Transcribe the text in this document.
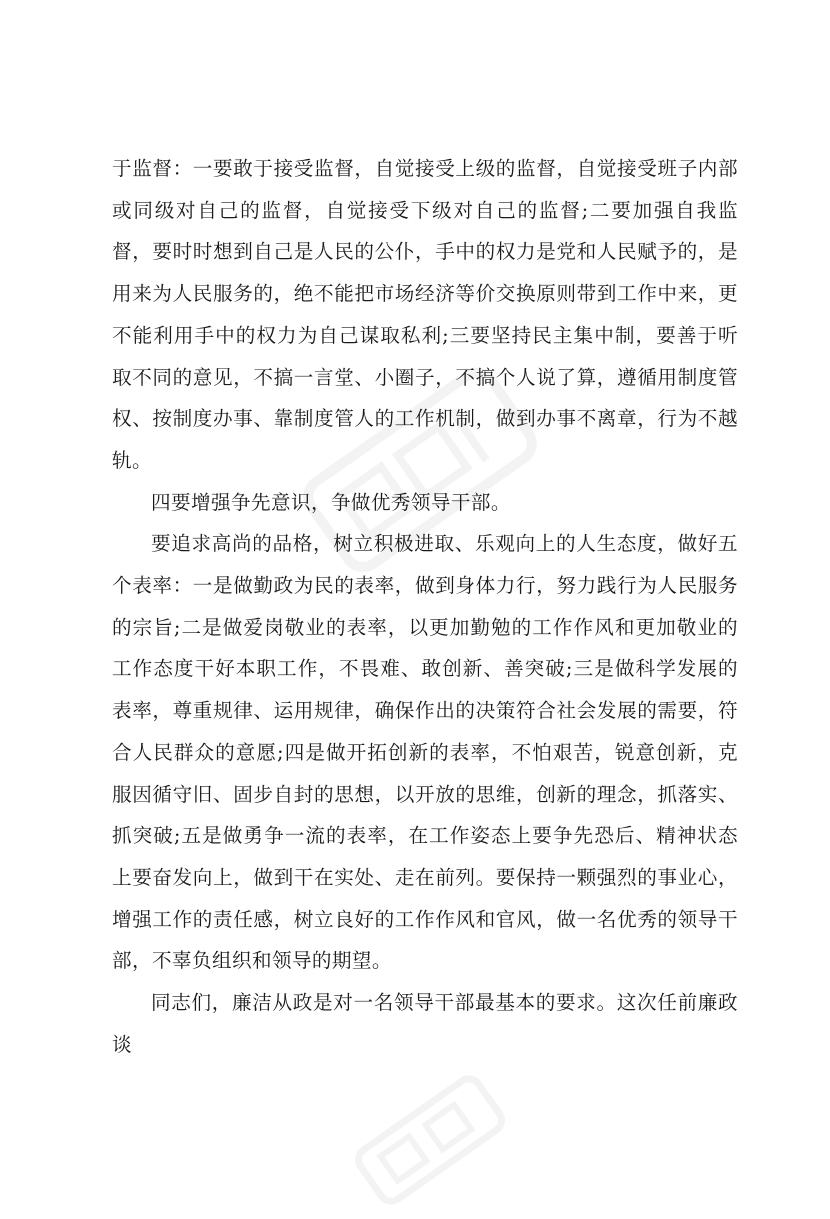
于监督：一要敢于接受监督，自觉接受上级的监督，自觉接受班子内部或同级对自己的监督，自觉接受下级对自己的监督;二要加强自我监督，要时时想到自己是人民的公仆，手中的权力是党和人民赋予的，是用来为人民服务的，绝不能把市场经济等价交换原则带到工作中来，更不能利用手中的权力为自己谋取私利;三要坚持民主集中制，要善于听取不同的意见，不搞一言堂、小圈子，不搞个人说了算，遵循用制度管权、按制度办事、靠制度管人的工作机制，做到办事不离章，行为不越轨。

四要增强争先意识，争做优秀领导干部。

要追求高尚的品格，树立积极进取、乐观向上的人生态度，做好五个表率：一是做勤政为民的表率，做到身体力行，努力践行为人民服务的宗旨;二是做爱岗敬业的表率，以更加勤勉的工作作风和更加敬业的工作态度干好本职工作，不畏难、敢创新、善突破;三是做科学发展的表率，尊重规律、运用规律，确保作出的决策符合社会发展的需要，符合人民群众的意愿;四是做开拓创新的表率，不怕艰苦，锐意创新，克服因循守旧、固步自封的思想，以开放的思维，创新的理念，抓落实、抓突破;五是做勇争一流的表率，在工作姿态上要争先恐后、精神状态上要奋发向上，做到干在实处、走在前列。要保持一颗强烈的事业心，增强工作的责任感，树立良好的工作作风和官风，做一名优秀的领导干部，不辜负组织和领导的期望。

同志们，廉洁从政是对一名领导干部最基本的要求。这次任前廉政谈
